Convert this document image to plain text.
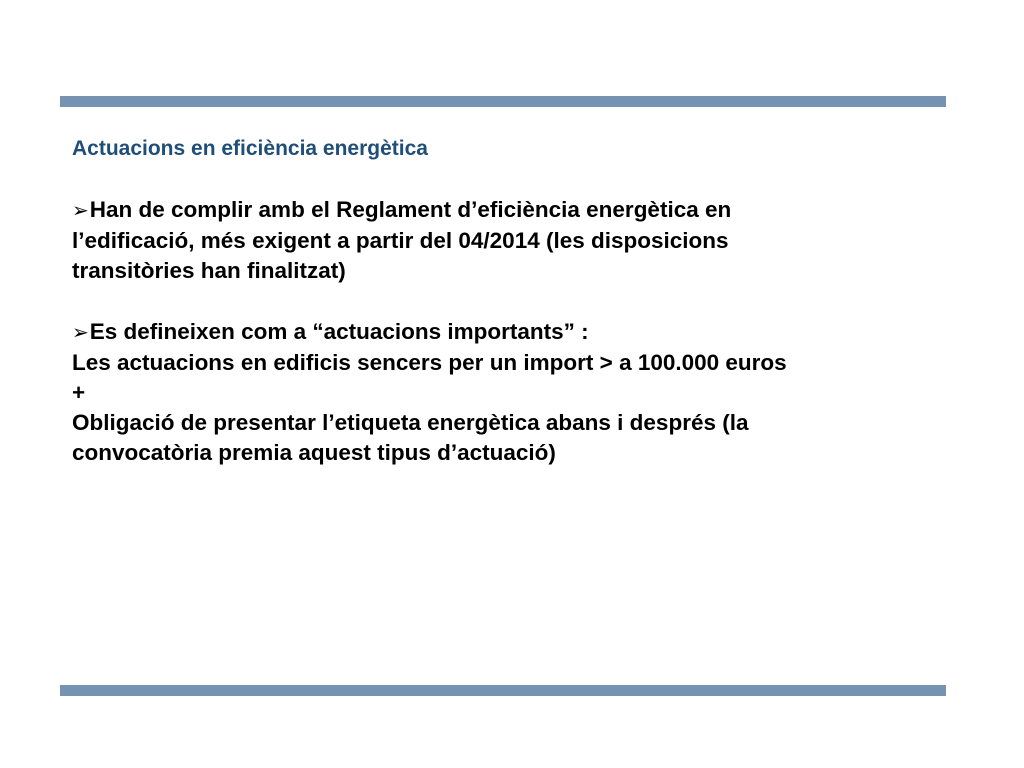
Actuacions en eficiència energètica
➢Han de complir amb el Reglament d’eficiència energètica en
l’edificació, més exigent a partir del 04/2014 (les disposicions
transitòries han finalitzat)
➢Es defineixen com a “actuacions importants” :
Les actuacions en edificis sencers per un import > a 100.000 euros
+
Obligació de presentar l’etiqueta energètica abans i després (la
convocatòria premia aquest tipus d’actuació)
